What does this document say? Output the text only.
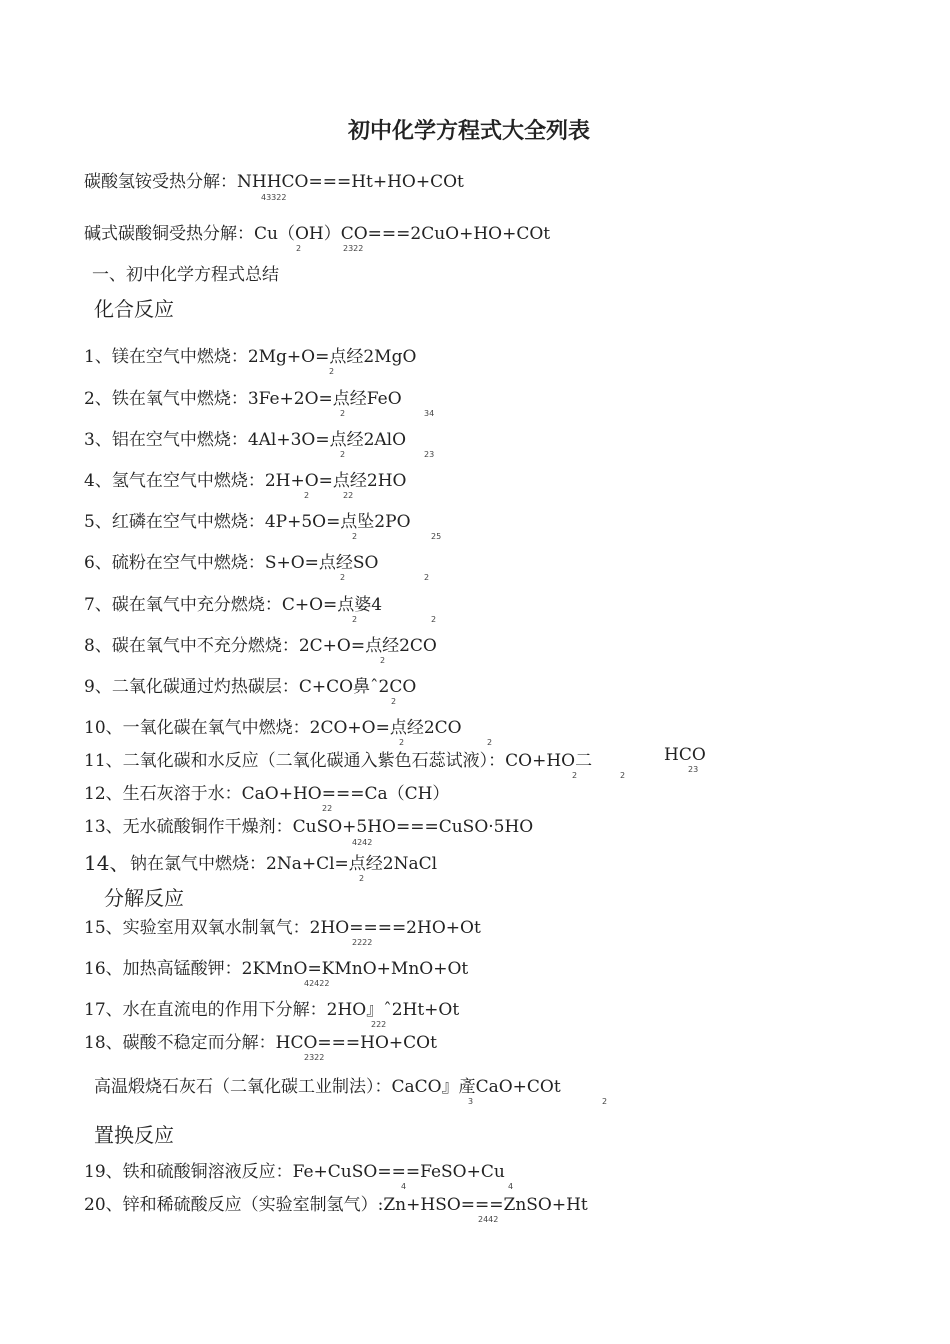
初中化学方程式大全列表
碳酸氢铵受热分解：NHHCO===Ht+HO+COt
43322
碱式碳酸铜受热分解：Cu（OH）CO===2CuO+HO+COt
2	2322
一、初中化学方程式总结
化合反应
1、镁在空气中燃烧：2Mg+O=点经2MgO
2
2、铁在氧气中燃烧：3Fe+2O=点经FeO
2	34
3、铝在空气中燃烧：4Al+3O=点经2AlO
2	23
4、氢气在空气中燃烧：2H+O=点经2HO
2	22
5、红磷在空气中燃烧：4P+5O=点坠2PO
2	25
6、硫粉在空气中燃烧：S+O=点经SO
2	2
7、碳在氧气中充分燃烧：C+O=点婆4
2	2
8、碳在氧气中不充分燃烧：2C+O=点经2CO
2
9、二氧化碳通过灼热碳层：C+CO鼻ˆ2CO
2
10、一氧化碳在氧气中燃烧：2CO+O=点经2CO
2	2
11、二氧化碳和水反应（二氧化碳通入紫色石蕊试液）：CO+HO二	HCO
2	2
23
12、生石灰溶于水：CaO+HO===Ca（CH）
22
13、无水硫酸铜作干燥剂：CuSO+5HO===CuSO·5HO
4242
14、 钠在氯气中燃烧：2Na+Cl=点经2NaCl
2
分解反应
15、实验室用双氧水制氧气：2HO====2HO+Ot
2222
16、加热高锰酸钾：2KMnO=KMnO+MnO+Ot
42422
17、水在直流电的作用下分解：2HO』ˆ2Ht+Ot
222
18、碳酸不稳定而分解：HCO===HO+COt
2322
高温煅烧石灰石（二氧化碳工业制法）：CaCO』產CaO+COt
3	2
置换反应
19、铁和硫酸铜溶液反应：Fe+CuSO===FeSO+Cu
4	4
20、锌和稀硫酸反应（实验室制氢气）:Zn+HSO===ZnSO+Ht
2442
